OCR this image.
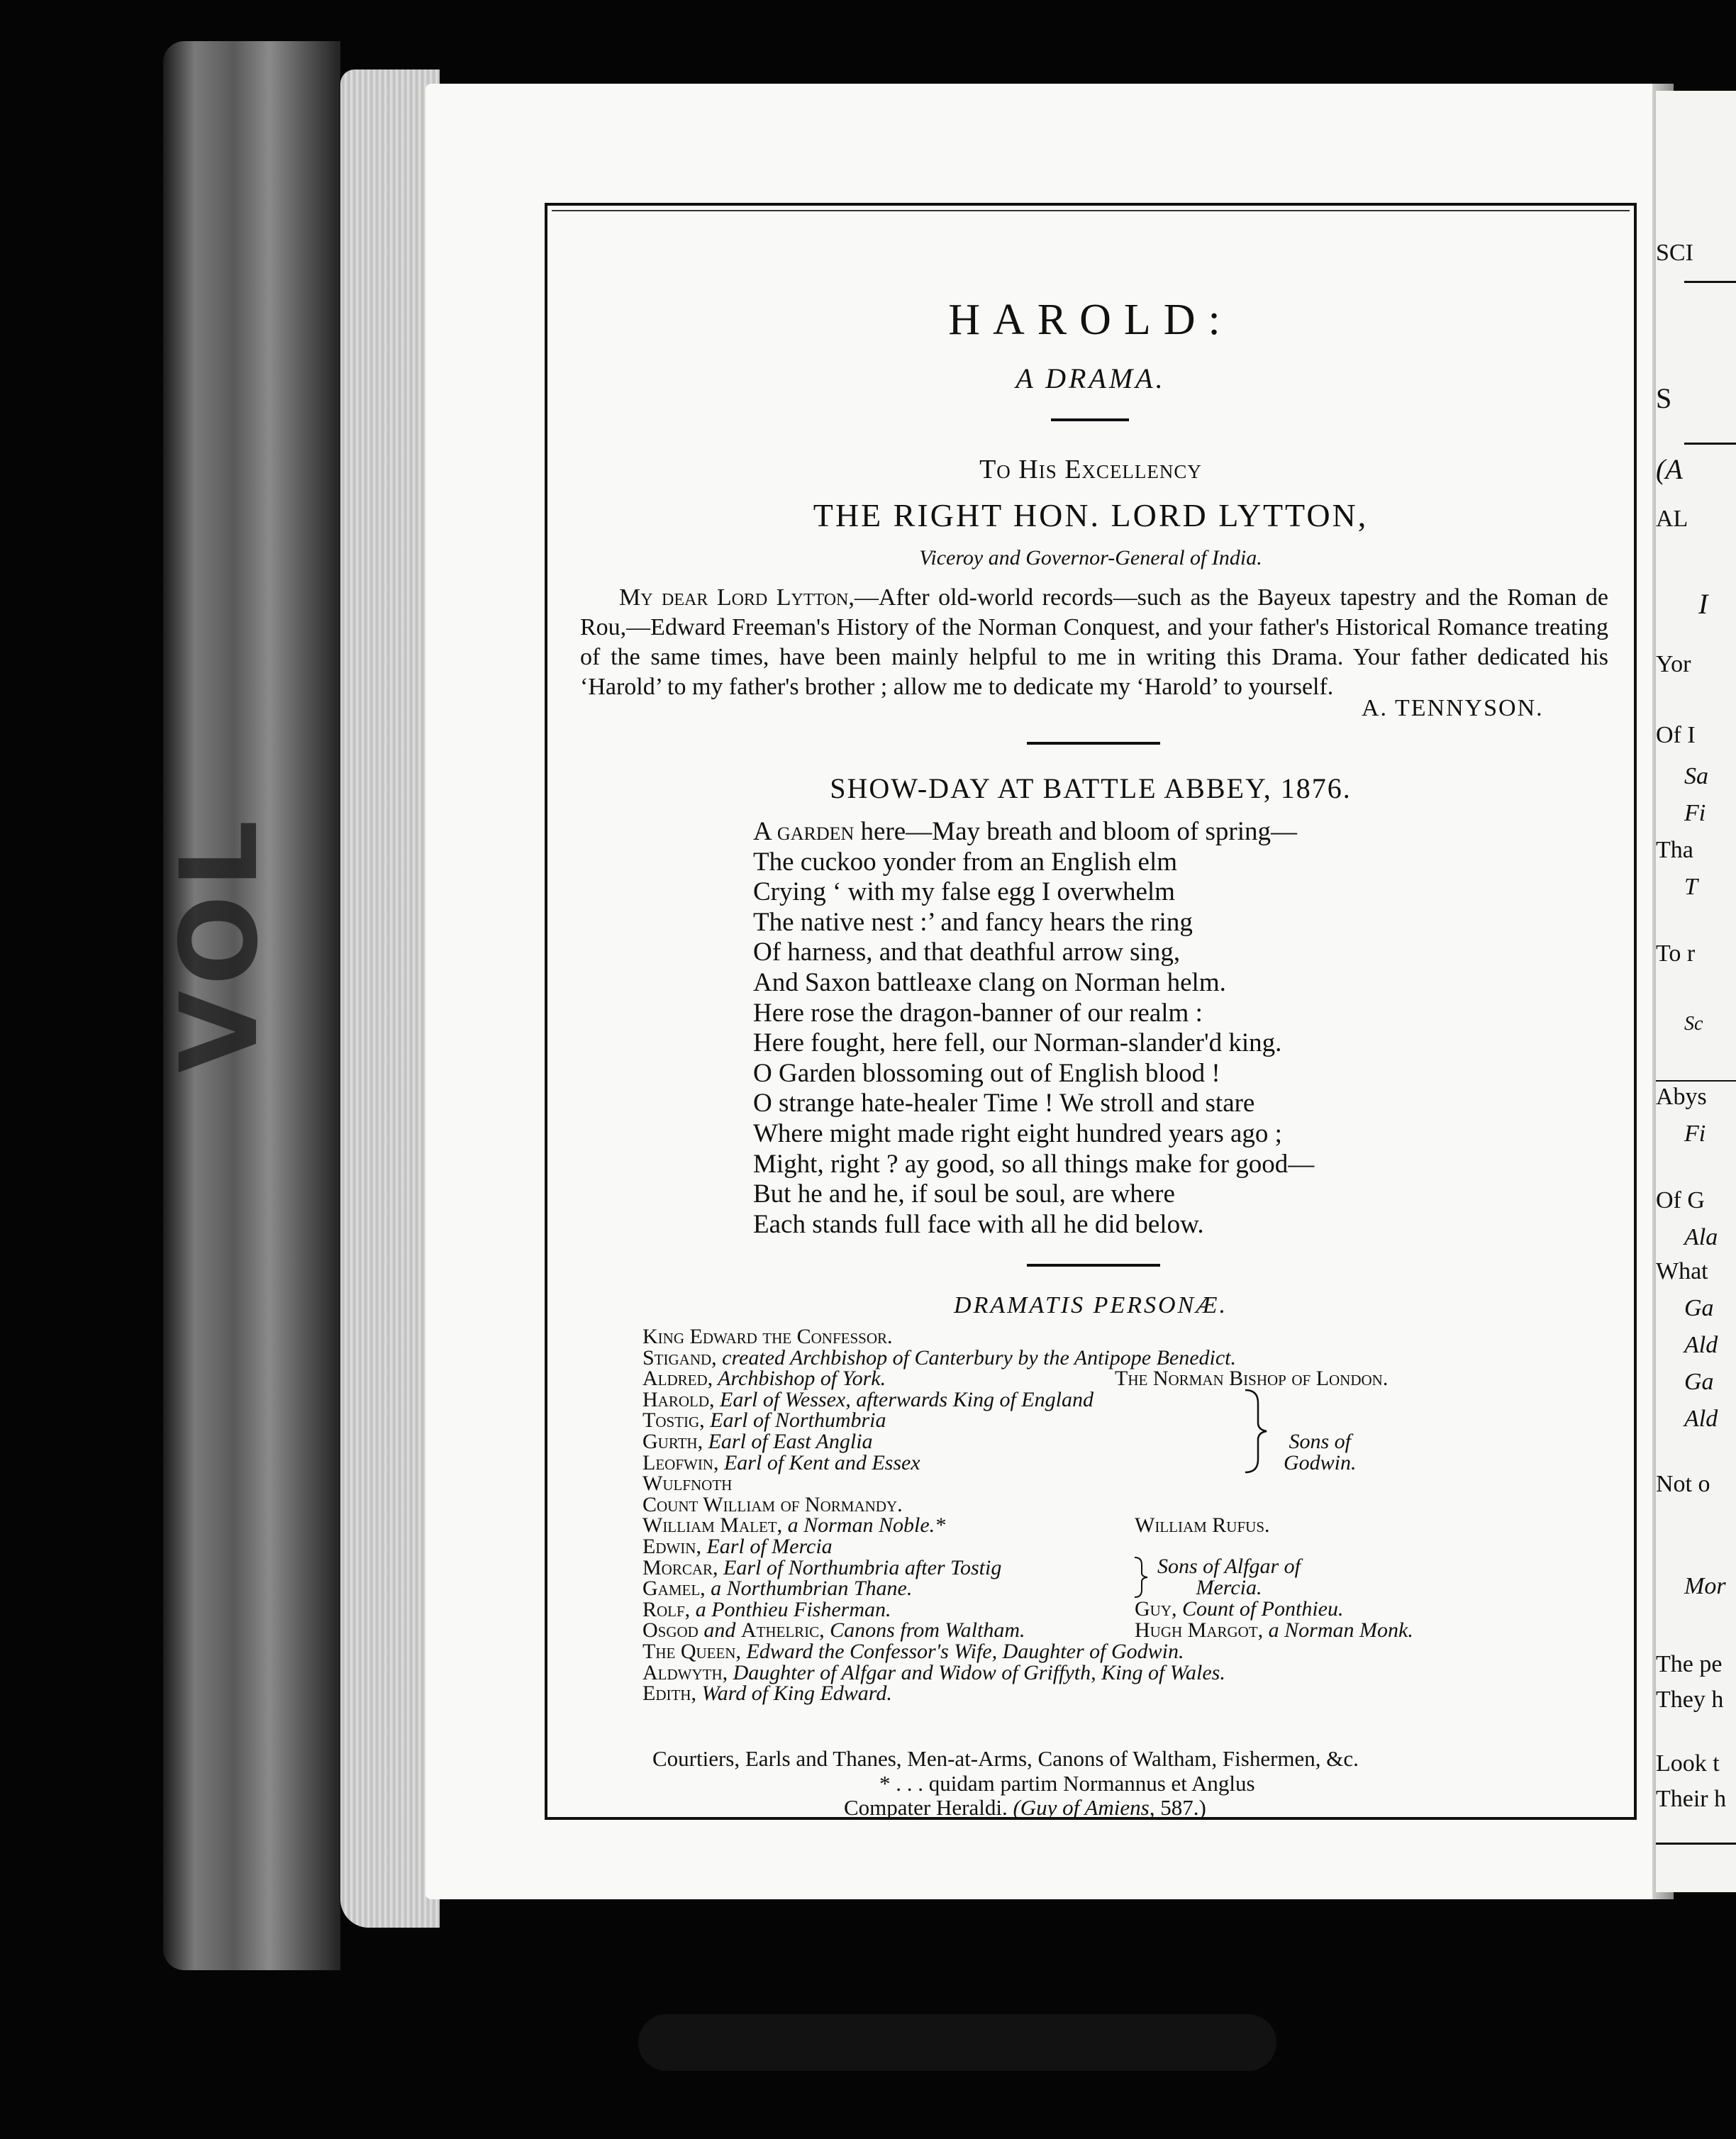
VOL
SCI
S
(A
AL
I
Yor
Of I
Sa
Fi
Tha
T
To r
Sc
Abys
Fi
Of G
Ala
What
Ga
Ald
Ga
Ald
Not o
Mor
The pe
They h
Look t
Their h
HAROLD:
A DRAMA.
To His Excellency
THE RIGHT HON. LORD LYTTON,
Viceroy and Governor-General of India.
My dear Lord Lytton,—After old-world records—such as the Bayeux tapestry and the Roman de Rou,—Edward Freeman's History of the Norman Conquest, and your father's Historical Romance treating of the same times, have been mainly helpful to me in writing this Drama. Your father dedicated his ‘Harold’ to my father's brother ; allow me to dedicate my ‘Harold’ to yourself.
A. TENNYSON.
SHOW-DAY AT BATTLE ABBEY, 1876.
A garden here—May breath and bloom of spring—
The cuckoo yonder from an English elm
Crying ‘ with my false egg I overwhelm
The native nest :’ and fancy hears the ring
Of harness, and that deathful arrow sing,
And Saxon battleaxe clang on Norman helm.
Here rose the dragon-banner of our realm :
Here fought, here fell, our Norman-slander'd king.
O Garden blossoming out of English blood !
O strange hate-healer Time ! We stroll and stare
Where might made right eight hundred years ago ;
Might, right ? ay good, so all things make for good—
But he and he, if soul be soul, are where
Each stands full face with all he did below.
DRAMATIS PERSONÆ.
King Edward the Confessor.
Stigand, created Archbishop of Canterbury by the Antipope Benedict.
Aldred, Archbishop of York.
Harold, Earl of Wessex, afterwards King of England
Tostig, Earl of Northumbria
Gurth, Earl of East Anglia
Leofwin, Earl of Kent and Essex
Wulfnoth
Count William of Normandy.
William Malet, a Norman Noble.*
Edwin, Earl of Mercia
Morcar, Earl of Northumbria after Tostig
Gamel, a Northumbrian Thane.
Rolf, a Ponthieu Fisherman.
Osgod and Athelric, Canons from Waltham.
The Queen, Edward the Confessor's Wife, Daughter of Godwin.
Aldwyth, Daughter of Alfgar and Widow of Griffyth, King of Wales.
Edith, Ward of King Edward.
The Norman Bishop of London.
Sons of
Godwin.
William Rufus.
Sons of Alfgar of
Mercia.
Guy, Count of Ponthieu.
Hugh Margot, a Norman Monk.
Courtiers, Earls and Thanes, Men-at-Arms, Canons of Waltham, Fishermen, &c.
* . . . quidam partim Normannus et Anglus
Compater Heraldi. (Guy of Amiens, 587.)
